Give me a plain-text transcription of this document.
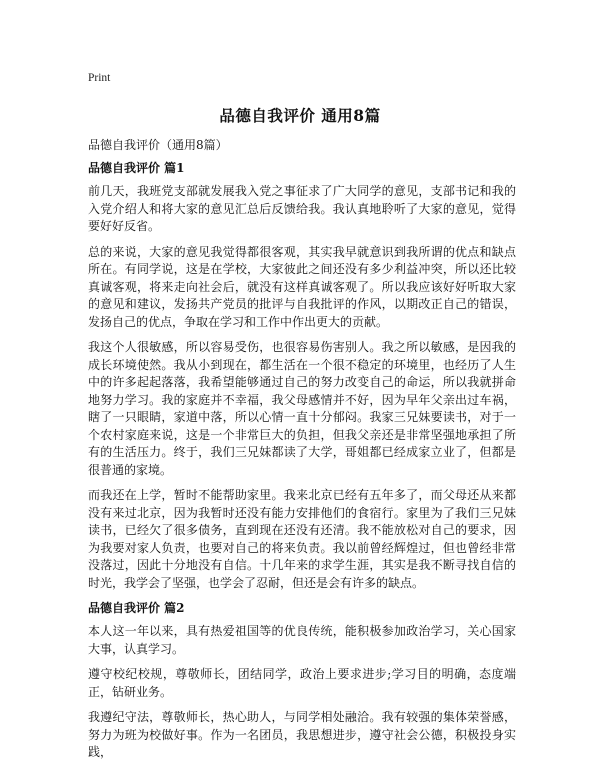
Print
品德自我评价 通用8篇

品德自我评价（通用8篇）

品德自我评价 篇1

前几天，我班党支部就发展我入党之事征求了广大同学的意见，支部书记和我的入党介绍人和将大家的意见汇总后反馈给我。我认真地聆听了大家的意见，觉得要好好反省。

总的来说，大家的意见我觉得都很客观，其实我早就意识到我所谓的优点和缺点所在。有同学说，这是在学校，大家彼此之间还没有多少利益冲突，所以还比较真诚客观，将来走向社会后，就没有这样真诚客观了。所以我应该好好听取大家的意见和建议，发扬共产党员的批评与自我批评的作风，以期改正自己的错误，发扬自己的优点，争取在学习和工作中作出更大的贡献。

我这个人很敏感，所以容易受伤，也很容易伤害别人。我之所以敏感，是因我的成长环境使然。我从小到现在，都生活在一个很不稳定的环境里，也经历了人生中的许多起起落落，我希望能够通过自己的努力改变自己的命运，所以我就拼命地努力学习。我的家庭并不幸福，我父母感情并不好，因为早年父亲出过车祸，瞎了一只眼睛，家道中落，所以心情一直十分郁闷。我家三兄妹要读书，对于一个农村家庭来说，这是一个非常巨大的负担，但我父亲还是非常坚强地承担了所有的生活压力。终于，我们三兄妹都读了大学，哥姐都已经成家立业了，但都是很普通的家境。

而我还在上学，暂时不能帮助家里。我来北京已经有五年多了，而父母还从来都没有来过北京，因为我暂时还没有能力安排他们的食宿行。家里为了我们三兄妹读书，已经欠了很多债务，直到现在还没有还清。我不能放松对自己的要求，因为我要对家人负责，也要对自己的将来负责。我以前曾经辉煌过，但也曾经非常没落过，因此十分地没有自信。十几年来的求学生涯，其实是我不断寻找自信的时光，我学会了坚强，也学会了忍耐，但还是会有许多的缺点。

品德自我评价 篇2

本人这一年以来，具有热爱祖国等的优良传统，能积极参加政治学习，关心国家大事，认真学习。

遵守校纪校规，尊敬师长，团结同学，政治上要求进步;学习目的明确，态度端正，钻研业务。

我遵纪守法，尊敬师长，热心助人，与同学相处融洽。我有较强的集体荣誉感，努力为班为校做好事。作为一名团员，我思想进步，遵守社会公德，积极投身实践，
